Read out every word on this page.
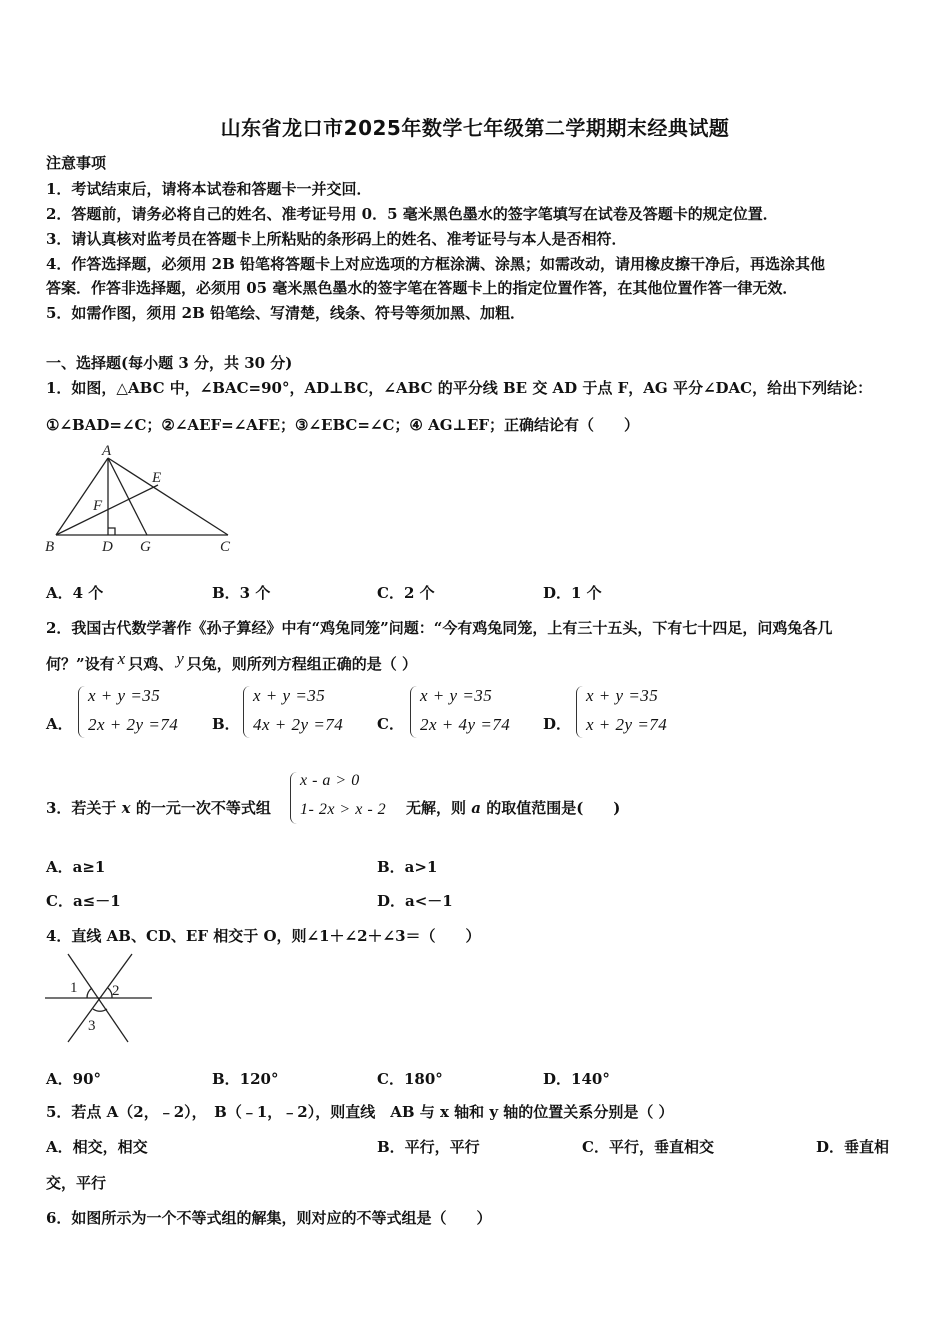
山东省龙口市2025年数学七年级第二学期期末经典试题
注意事项
1．考试结束后，请将本试卷和答题卡一并交回．
2．答题前，请务必将自己的姓名、准考证号用 0．5 毫米黑色墨水的签字笔填写在试卷及答题卡的规定位置．
3．请认真核对监考员在答题卡上所粘贴的条形码上的姓名、准考证号与本人是否相符．
4．作答选择题，必须用 2B 铅笔将答题卡上对应选项的方框涂满、涂黑；如需改动，请用橡皮擦干净后，再选涂其他
答案．作答非选择题，必须用 05 毫米黑色墨水的签字笔在答题卡上的指定位置作答，在其他位置作答一律无效．
5．如需作图，须用 2B 铅笔绘、写清楚，线条、符号等须加黑、加粗．
一、选择题(每小题 3 分，共 30 分)
1．如图，△ABC 中，∠BAC=90°，AD⊥BC，∠ABC 的平分线 BE 交 AD 于点 F，AG 平分∠DAC，给出下列结论：
①∠BAD=∠C；②∠AEF=∠AFE；③∠EBC=∠C；④ AG⊥EF；正确结论有（　　）
A
E
F
B	D G	C
A．4 个	B．3 个	C．2 个	D．1 个
2．我国古代数学著作《孙子算经》中有“鸡兔同笼”问题：“今有鸡兔同笼，上有三十五头，下有七十四足，问鸡兔各几
何？”设有 x 只鸡、 y 只兔，则所列方程组正确的是（ ）
A．
x + y =35
2x + 2y =74 B．
x + y =35
4x + 2y =74 C．
x + y =35
2x + 4y =74 D．
x + y =35
x + 2y =74
3．若关于 x 的一元一次不等式组
x - a > 0
1- 2x > x - 2 无解，则 a 的取值范围是(　　)
A．a≥1	B．a>1
C．a≤－1	D．a<－1
4．直线 AB、CD、EF 相交于 O，则∠1＋∠2＋∠3＝（　　）
1 2
3
A．90°	B．120°	C．180°	D．140°
5．若点 A（2，﹣2），　B（﹣1，﹣2），则直线　AB 与 x 轴和 y 轴的位置关系分别是（ ）
A．相交，相交	B．平行，平行	C．平行，垂直相交	D．垂直相
交，平行
6．如图所示为一个不等式组的解集，则对应的不等式组是（　　）
